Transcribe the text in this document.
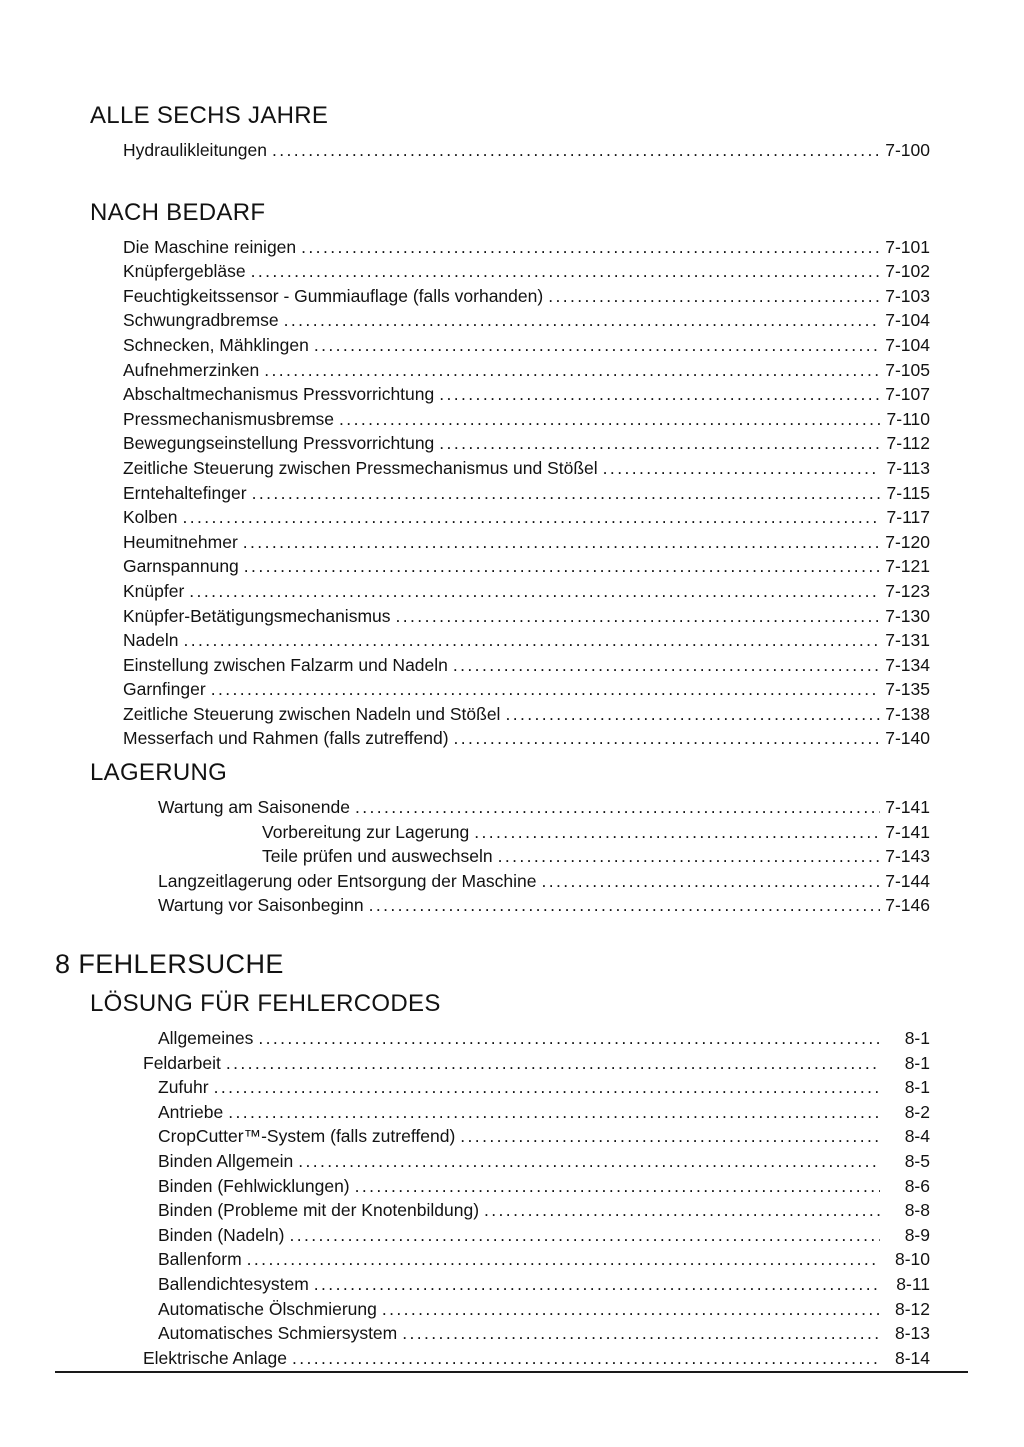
ALLE SECHS JAHRE
Hydraulikleitungen .....	7-100
NACH BEDARF
Die Maschine reinigen .....	7-101
Knüpfergebläse .....	7-102
Feuchtigkeitssensor - Gummiauflage (falls vorhanden) .....	7-103
Schwungradbremse .....	7-104
Schnecken, Mähklingen .....	7-104
Aufnehmerzinken .....	7-105
Abschaltmechanismus Pressvorrichtung .....	7-107
Pressmechanismusbremse .....	7-110
Bewegungseinstellung Pressvorrichtung .....	7-112
Zeitliche Steuerung zwischen Pressmechanismus und Stößel .....	7-113
Erntehaltefinger .....	7-115
Kolben .....	7-117
Heumitnehmer .....	7-120
Garnspannung .....	7-121
Knüpfer .....	7-123
Knüpfer-Betätigungsmechanismus .....	7-130
Nadeln .....	7-131
Einstellung zwischen Falzarm und Nadeln .....	7-134
Garnfinger .....	7-135
Zeitliche Steuerung zwischen Nadeln und Stößel .....	7-138
Messerfach und Rahmen (falls zutreffend) .....	7-140
LAGERUNG
Wartung am Saisonende .....	7-141
Vorbereitung zur Lagerung .....	7-141
Teile prüfen und auswechseln .....	7-143
Langzeitlagerung oder Entsorgung der Maschine .....	7-144
Wartung vor Saisonbeginn .....	7-146
8 FEHLERSUCHE
LÖSUNG FÜR FEHLERCODES
Allgemeines .....	8-1
Feldarbeit .....	8-1
Zufuhr .....	8-1
Antriebe .....	8-2
CropCutter™-System (falls zutreffend) .....	8-4
Binden Allgemein .....	8-5
Binden (Fehlwicklungen) .....	8-6
Binden (Probleme mit der Knotenbildung) .....	8-8
Binden (Nadeln) .....	8-9
Ballenform .....	8-10
Ballendichtesystem .....	8-11
Automatische Ölschmierung .....	8-12
Automatisches Schmiersystem .....	8-13
Elektrische Anlage .....	8-14
